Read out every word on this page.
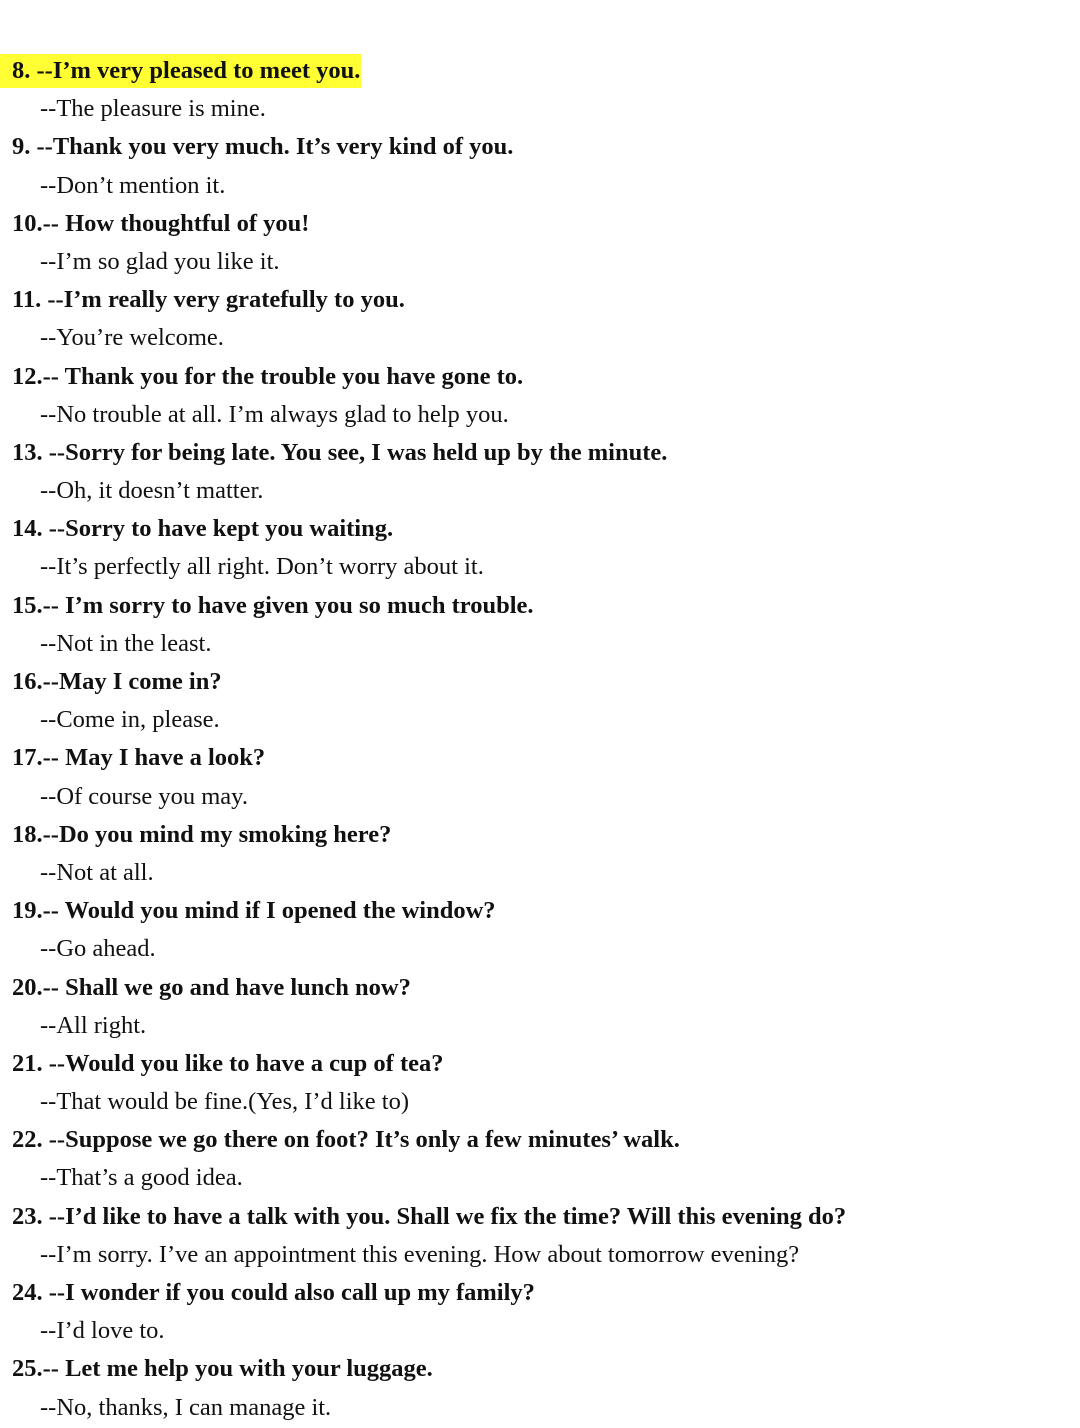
8. --I’m very pleased to meet you.
--The pleasure is mine.
9. --Thank you very much. It’s very kind of you.
--Don’t mention it.
10.-- How thoughtful of you!
--I’m so glad you like it.
11. --I’m really very gratefully to you.
--You’re welcome.
12.-- Thank you for the trouble you have gone to.
--No trouble at all. I’m always glad to help you.
13. --Sorry for being late. You see, I was held up by the minute.
--Oh, it doesn’t matter.
14. --Sorry to have kept you waiting.
--It’s perfectly all right. Don’t worry about it.
15.-- I’m sorry to have given you so much trouble.
--Not in the least.
16.--May I come in?
--Come in, please.
17.-- May I have a look?
--Of course you may.
18.--Do you mind my smoking here?
--Not at all.
19.-- Would you mind if I opened the window?
--Go ahead.
20.-- Shall we go and have lunch now?
--All right.
21. --Would you like to have a cup of tea?
--That would be fine.(Yes, I’d like to)
22. --Suppose we go there on foot? It’s only a few minutes’ walk.
--That’s a good idea.
23. --I’d like to have a talk with you. Shall we fix the time? Will this evening do?
--I’m sorry. I’ve an appointment this evening. How about tomorrow evening?
24. --I wonder if you could also call up my family?
--I’d love to.
25.-- Let me help you with your luggage.
--No, thanks, I can manage it.
